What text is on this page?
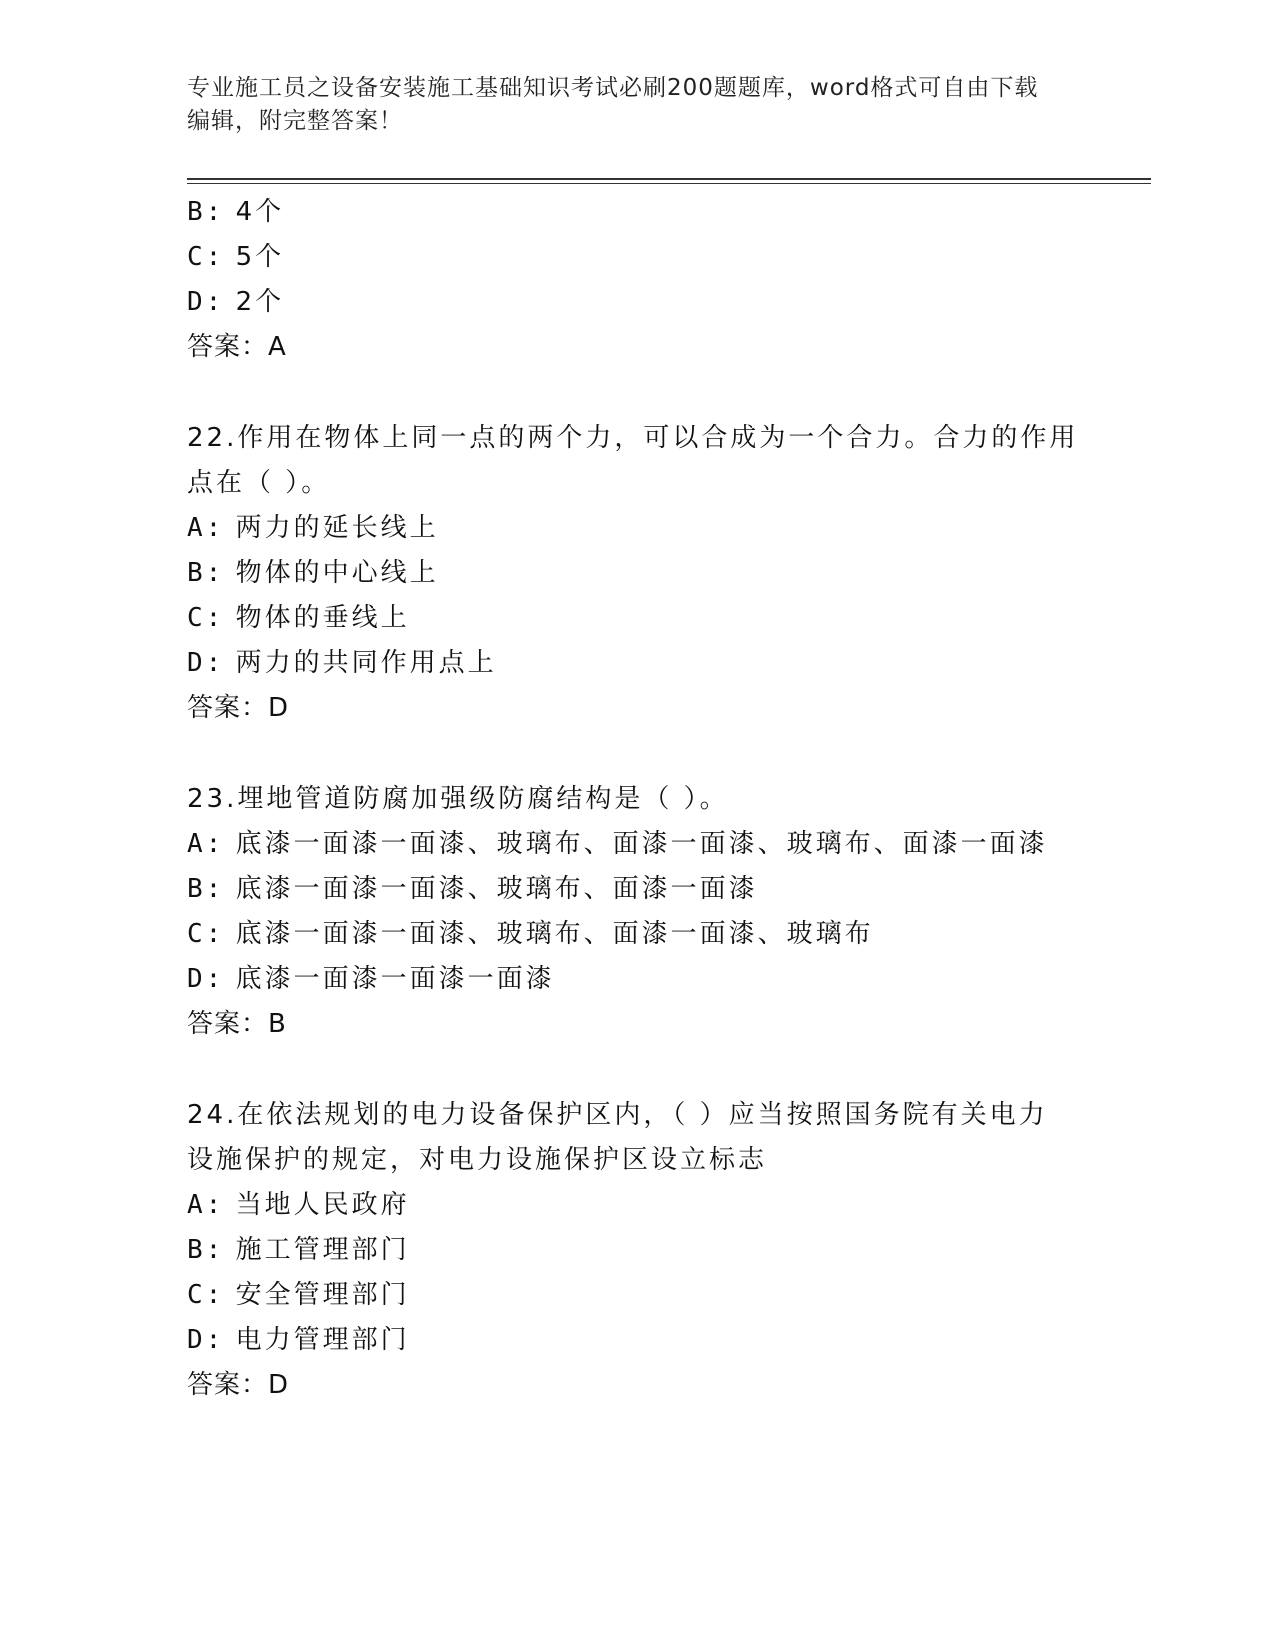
专业施工员之设备安装施工基础知识考试必刷200题题库，word格式可自由下载
编辑，附完整答案！
B: 4个
C: 5个
D: 2个
答案：A
22.作用在物体上同一点的两个力，可以合成为一个合力。合力的作用
点在（ ）。
A: 两力的延长线上
B: 物体的中心线上
C: 物体的垂线上
D: 两力的共同作用点上
答案：D
23.埋地管道防腐加强级防腐结构是（ ）。
A: 底漆一面漆一面漆、玻璃布、面漆一面漆、玻璃布、面漆一面漆
B: 底漆一面漆一面漆、玻璃布、面漆一面漆
C: 底漆一面漆一面漆、玻璃布、面漆一面漆、玻璃布
D: 底漆一面漆一面漆一面漆
答案：B
24.在依法规划的电力设备保护区内，（ ）应当按照国务院有关电力
设施保护的规定，对电力设施保护区设立标志
A: 当地人民政府
B: 施工管理部门
C: 安全管理部门
D: 电力管理部门
答案：D
